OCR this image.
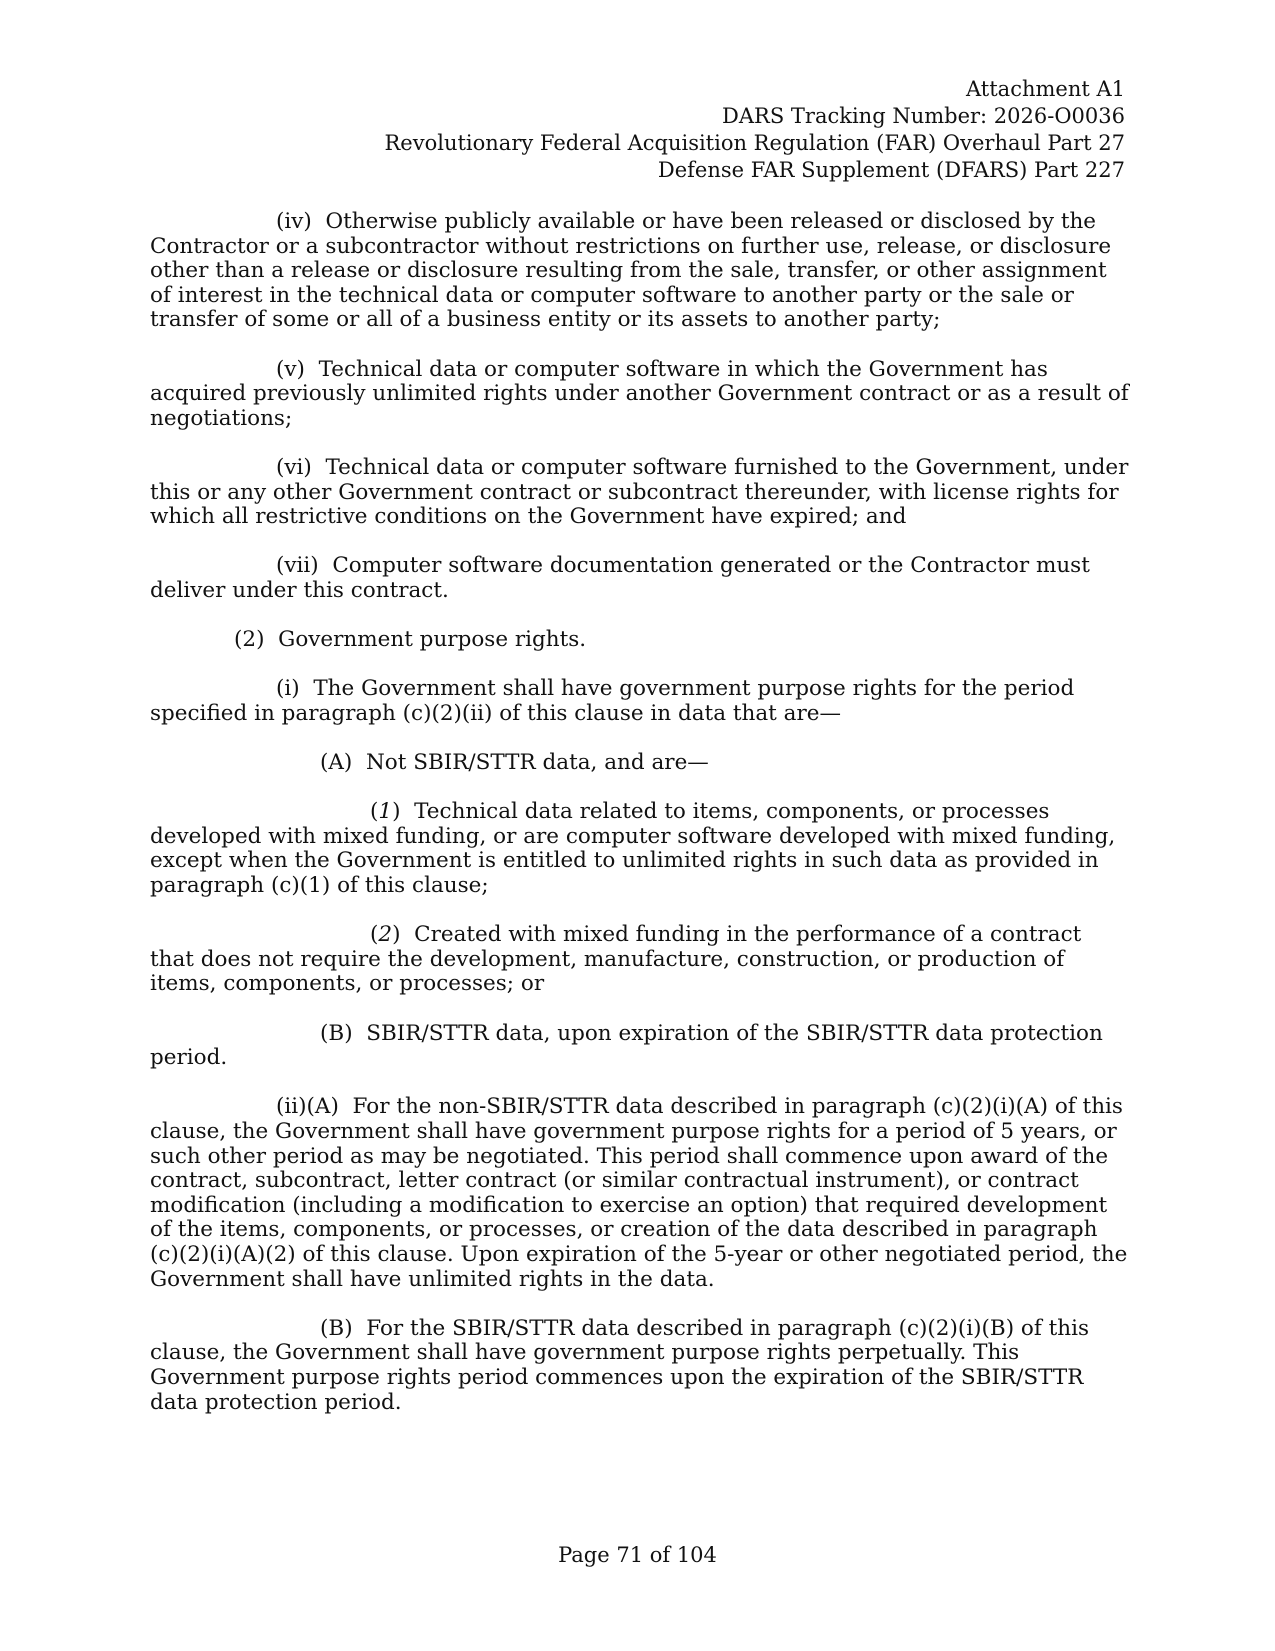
Attachment A1
DARS Tracking Number: 2026-O0036
Revolutionary Federal Acquisition Regulation (FAR) Overhaul Part 27
Defense FAR Supplement (DFARS) Part 227

(iv) Otherwise publicly available or have been released or disclosed by the Contractor or a subcontractor without restrictions on further use, release, or disclosure other than a release or disclosure resulting from the sale, transfer, or other assignment of interest in the technical data or computer software to another party or the sale or transfer of some or all of a business entity or its assets to another party;

(v) Technical data or computer software in which the Government has acquired previously unlimited rights under another Government contract or as a result of negotiations;

(vi) Technical data or computer software furnished to the Government, under this or any other Government contract or subcontract thereunder, with license rights for which all restrictive conditions on the Government have expired; and

(vii) Computer software documentation generated or the Contractor must deliver under this contract.

(2) Government purpose rights.

(i) The Government shall have government purpose rights for the period specified in paragraph (c)(2)(ii) of this clause in data that are—

(A) Not SBIR/STTR data, and are—

(1)  Technical data related to items, components, or processes developed with mixed funding, or are computer software developed with mixed funding, except when the Government is entitled to unlimited rights in such data as provided in paragraph (c)(1) of this clause;

(2)  Created with mixed funding in the performance of a contract that does not require the development, manufacture, construction, or production of items, components, or processes; or

(B) SBIR/STTR data, upon expiration of the SBIR/STTR data protection period.

(ii)(A) For the non-SBIR/STTR data described in paragraph (c)(2)(i)(A) of this clause, the Government shall have government purpose rights for a period of 5 years, or such other period as may be negotiated. This period shall commence upon award of the contract, subcontract, letter contract (or similar contractual instrument), or contract modification (including a modification to exercise an option) that required development of the items, components, or processes, or creation of the data described in paragraph (c)(2)(i)(A)(2) of this clause. Upon expiration of the 5-year or other negotiated period, the Government shall have unlimited rights in the data.

(B) For the SBIR/STTR data described in paragraph (c)(2)(i)(B) of this clause, the Government shall have government purpose rights perpetually. This Government purpose rights period commences upon the expiration of the SBIR/STTR data protection period.

Page 71 of 104
